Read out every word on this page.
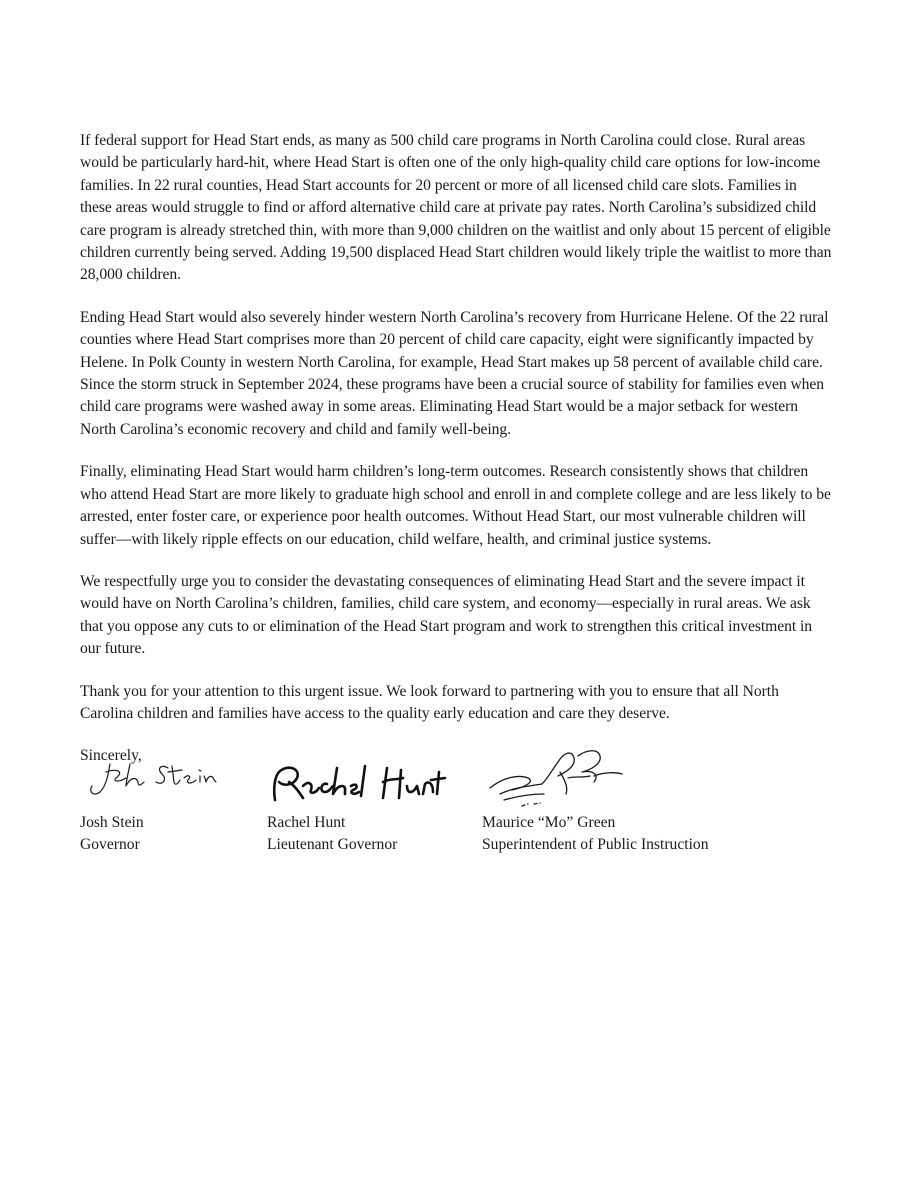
If federal support for Head Start ends, as many as 500 child care programs in North Carolina could close. Rural areas would be particularly hard-hit, where Head Start is often one of the only high-quality child care options for low-income families. In 22 rural counties, Head Start accounts for 20 percent or more of all licensed child care slots. Families in these areas would struggle to find or afford alternative child care at private pay rates. North Carolina’s subsidized child care program is already stretched thin, with more than 9,000 children on the waitlist and only about 15 percent of eligible children currently being served. Adding 19,500 displaced Head Start children would likely triple the waitlist to more than 28,000 children.

Ending Head Start would also severely hinder western North Carolina’s recovery from Hurricane Helene. Of the 22 rural counties where Head Start comprises more than 20 percent of child care capacity, eight were significantly impacted by Helene. In Polk County in western North Carolina, for example, Head Start makes up 58 percent of available child care. Since the storm struck in September 2024, these programs have been a crucial source of stability for families even when child care programs were washed away in some areas. Eliminating Head Start would be a major setback for western North Carolina’s economic recovery and child and family well-being.

Finally, eliminating Head Start would harm children’s long-term outcomes. Research consistently shows that children who attend Head Start are more likely to graduate high school and enroll in and complete college and are less likely to be arrested, enter foster care, or experience poor health outcomes. Without Head Start, our most vulnerable children will suffer—with likely ripple effects on our education, child welfare, health, and criminal justice systems.

We respectfully urge you to consider the devastating consequences of eliminating Head Start and the severe impact it would have on North Carolina’s children, families, child care system, and economy—especially in rural areas. We ask that you oppose any cuts to or elimination of the Head Start program and work to strengthen this critical investment in our future.

Thank you for your attention to this urgent issue. We look forward to partnering with you to ensure that all North Carolina children and families have access to the quality early education and care they deserve.

Sincerely,

Josh Stein
Governor
Rachel Hunt
Lieutenant Governor
Maurice “Mo” Green
Superintendent of Public Instruction
